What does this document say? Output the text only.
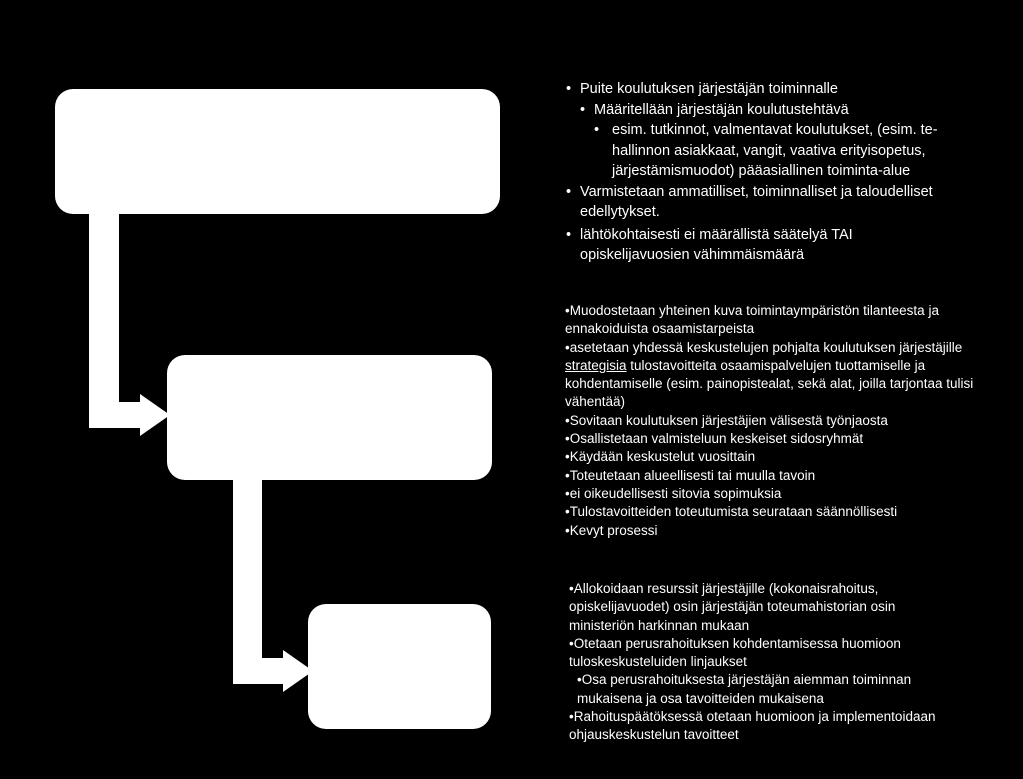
• Puite koulutuksen järjestäjän toiminnalle
• Määritellään järjestäjän koulutustehtävä
• esim. tutkinnot, valmentavat koulutukset, (esim. te-hallinnon asiakkaat, vangit, vaativa erityisopetus, järjestämismuodot) pääasiallinen toiminta-alue
• Varmistetaan ammatilliset, toiminnalliset ja taloudelliset edellytykset.
• lähtökohtaisesti ei määrällistä säätelyä TAI opiskelijavuosien vähimmäismäärä
•Muodostetaan yhteinen kuva toimintaympäristön tilanteesta ja ennakoiduista osaamistarpeista
•asetetaan yhdessä keskustelujen pohjalta koulutuksen järjestäjille strategisia tulostavoitteita osaamispalvelujen tuottamiselle ja kohdentamiselle (esim. painopistealat, sekä alat, joilla tarjontaa tulisi vähentää)
•Sovitaan koulutuksen järjestäjien välisestä työnjaosta
•Osallistetaan valmisteluun keskeiset sidosryhmät
•Käydään keskustelut vuosittain
•Toteutetaan alueellisesti tai muulla tavoin
•ei oikeudellisesti sitovia sopimuksia
•Tulostavoitteiden toteutumista seurataan säännöllisesti
•Kevyt prosessi
•Allokoidaan resurssit järjestäjille (kokonaisrahoitus, opiskelijavuodet) osin järjestäjän toteumahistorian osin ministeriön harkinnan mukaan
•Otetaan perusrahoituksen kohdentamisessa huomioon tuloskeskusteluiden linjaukset
•Osa perusrahoituksesta järjestäjän aiemman toiminnan mukaisena ja osa tavoitteiden mukaisena
•Rahoituspäätöksessä otetaan huomioon ja implementoidaan ohjauskeskustelun tavoitteet
